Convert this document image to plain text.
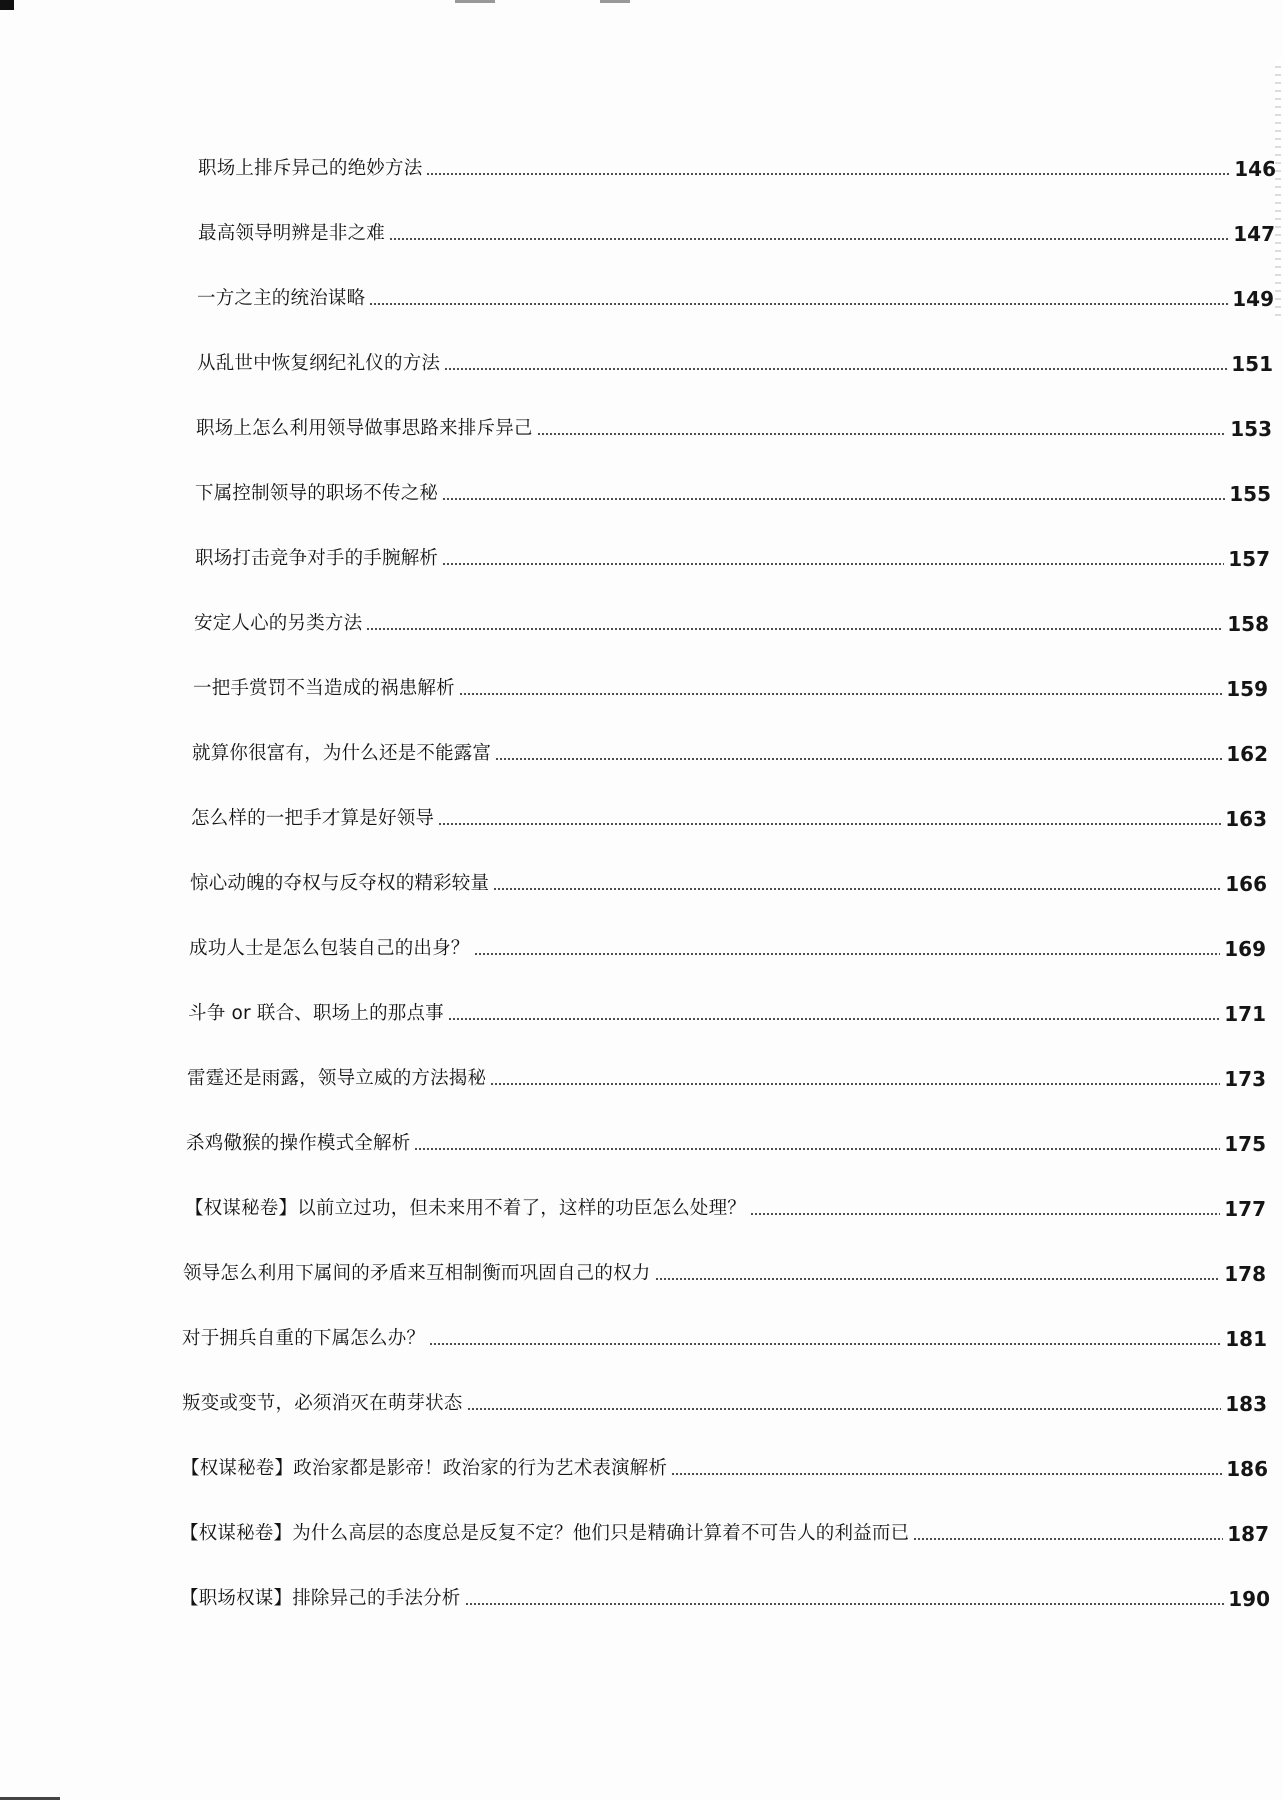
职场上排斥异己的绝妙方法	146
最高领导明辨是非之难	147
一方之主的统治谋略	149
从乱世中恢复纲纪礼仪的方法	151
职场上怎么利用领导做事思路来排斥异己	153
下属控制领导的职场不传之秘	155
职场打击竞争对手的手腕解析	157
安定人心的另类方法	158
一把手赏罚不当造成的祸患解析	159
就算你很富有，为什么还是不能露富	162
怎么样的一把手才算是好领导	163
惊心动魄的夺权与反夺权的精彩较量	166
成功人士是怎么包装自己的出身？	169
斗争 or 联合、职场上的那点事	171
雷霆还是雨露，领导立威的方法揭秘	173
杀鸡儆猴的操作模式全解析	175
【权谋秘卷】以前立过功，但未来用不着了，这样的功臣怎么处理？	177
领导怎么利用下属间的矛盾来互相制衡而巩固自己的权力	178
对于拥兵自重的下属怎么办？	181
叛变或变节，必须消灭在萌芽状态	183
【权谋秘卷】政治家都是影帝！政治家的行为艺术表演解析	186
【权谋秘卷】为什么高层的态度总是反复不定？他们只是精确计算着不可告人的利益而已	187
【职场权谋】排除异己的手法分析	190
